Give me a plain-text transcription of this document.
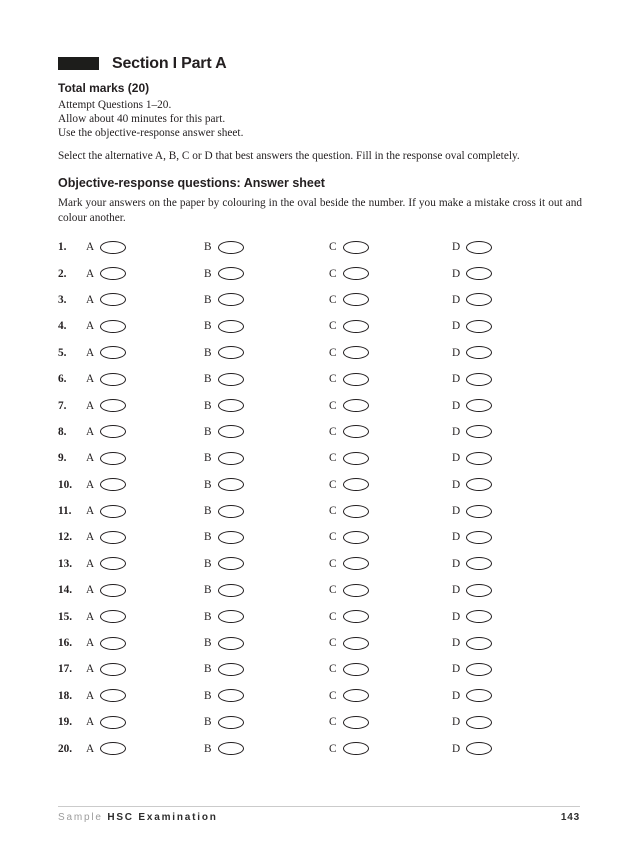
Section I Part A
Total marks (20)
Attempt Questions 1–20.
Allow about 40 minutes for this part.
Use the objective-response answer sheet.
Select the alternative A, B, C or D that best answers the question. Fill in the response oval completely.
Objective-response questions: Answer sheet
Mark your answers on the paper by colouring in the oval beside the number. If you make a mistake cross it out and colour another.
1.	A	B	C	D
2.	A	B	C	D
3.	A	B	C	D
4.	A	B	C	D
5.	A	B	C	D
6.	A	B	C	D
7.	A	B	C	D
8.	A	B	C	D
9.	A	B	C	D
10.	A	B	C	D
11.	A	B	C	D
12.	A	B	C	D
13.	A	B	C	D
14.	A	B	C	D
15.	A	B	C	D
16.	A	B	C	D
17.	A	B	C	D
18.	A	B	C	D
19.	A	B	C	D
20.	A	B	C	D
Sample HSC Examination	143
